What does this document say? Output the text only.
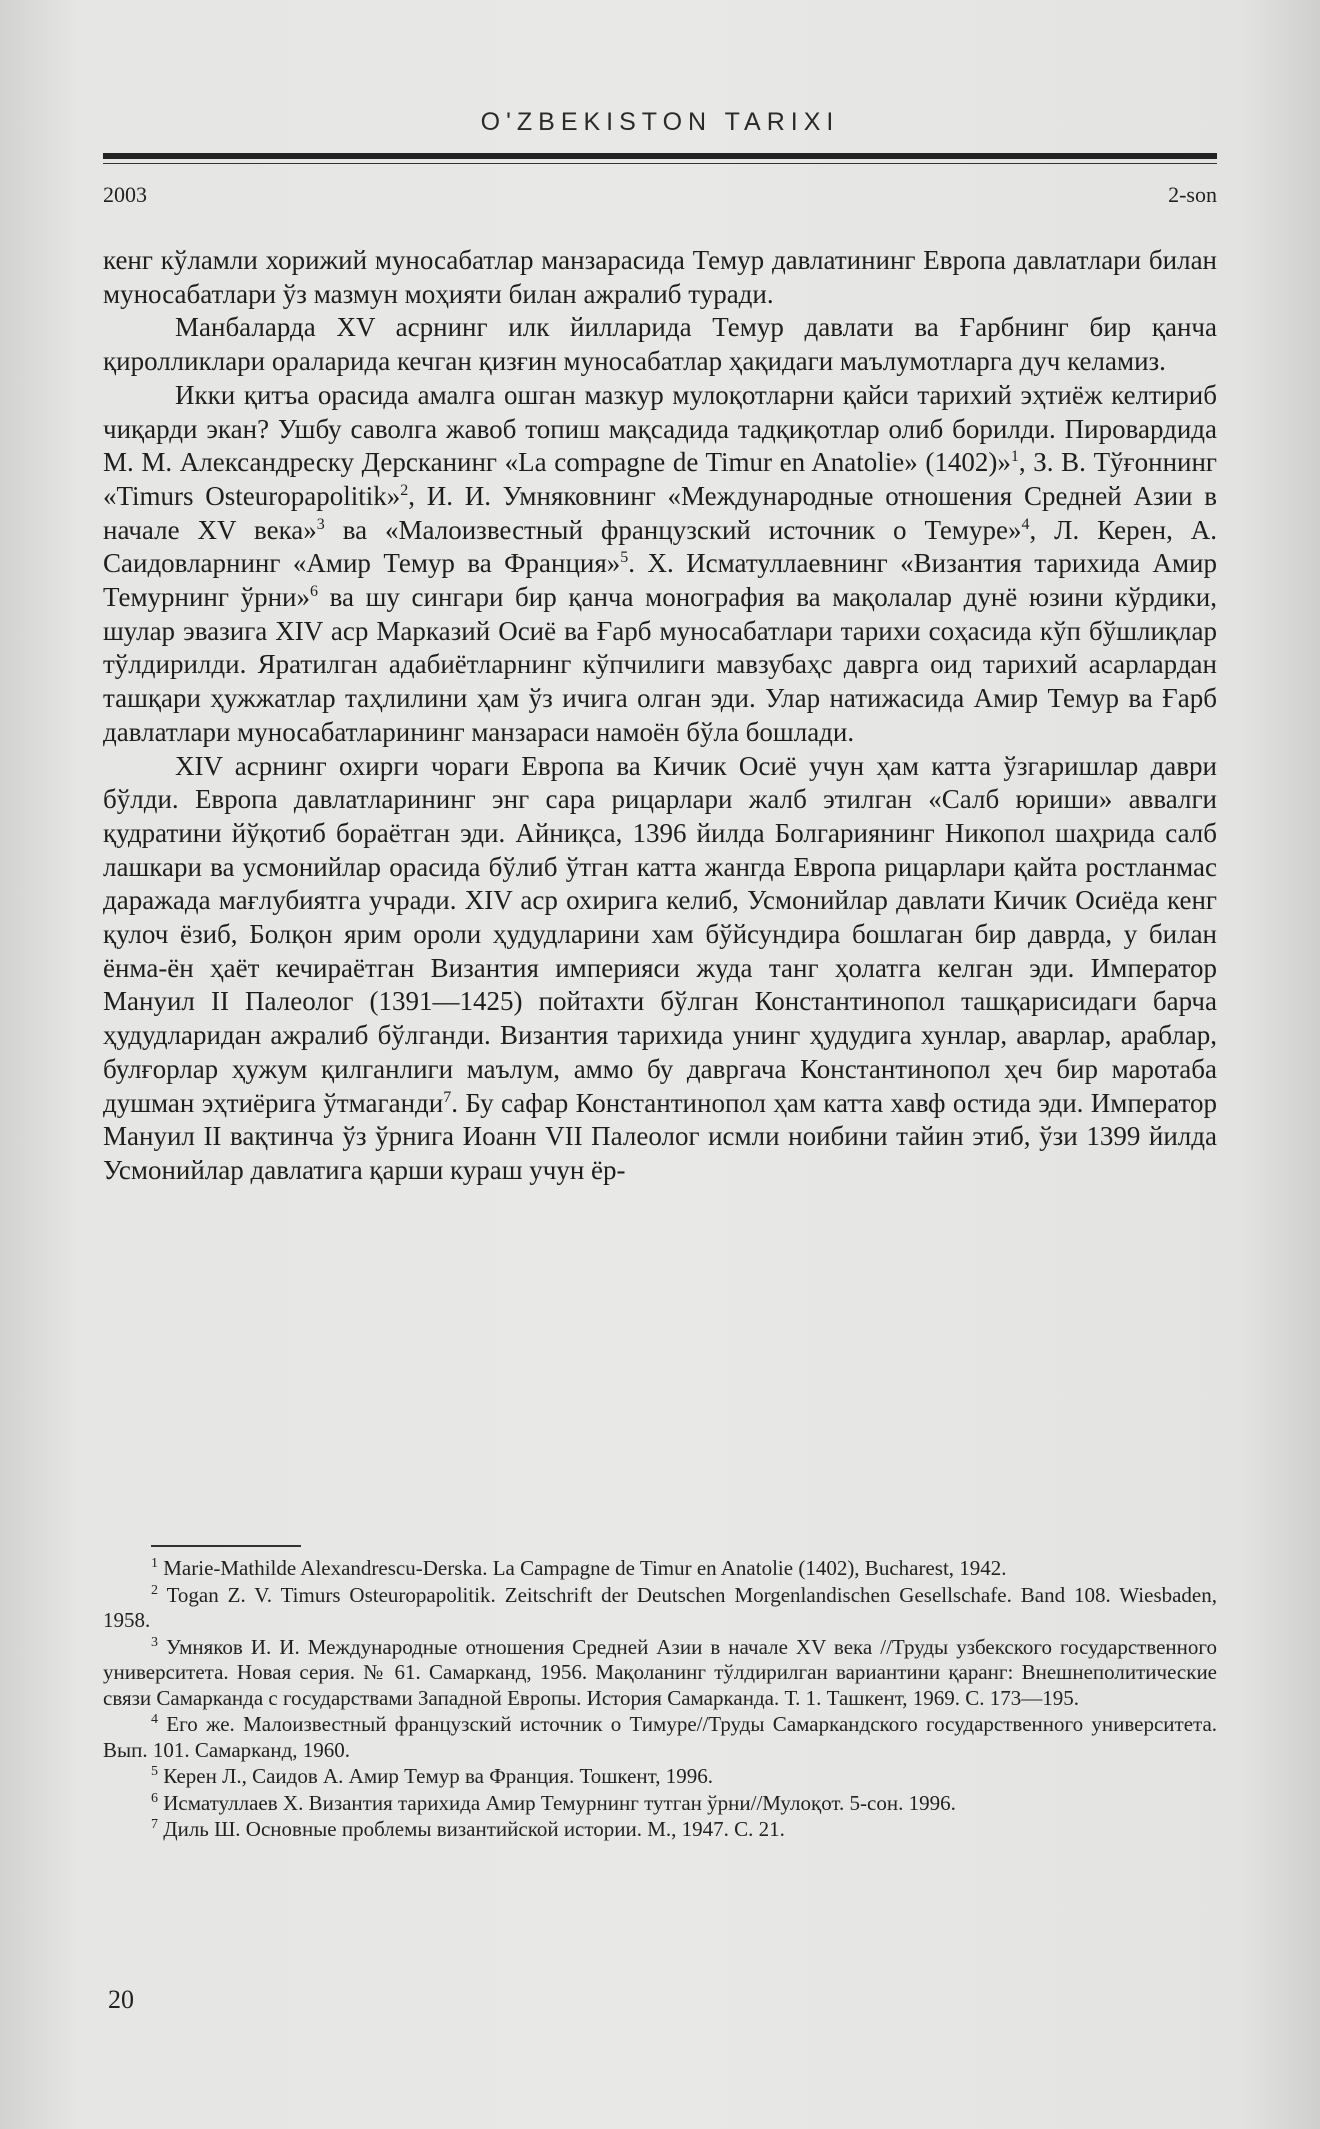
O'ZBEKISTON TARIXI
2003	2-son

кенг кўламли хорижий муносабатлар манзарасида Темур давлатининг Европа давлатлари билан муносабатлари ўз мазмун моҳияти билан ажралиб туради.

Манбаларда XV асрнинг илк йилларида Темур давлати ва Ғарбнинг бир қанча қиролликлари ораларида кечган қизғин муносабатлар ҳақидаги маълумотларга дуч келамиз.

Икки қитъа орасида амалга ошган мазкур мулоқотларни қайси тарихий эҳтиёж келтириб чиқарди экан? Ушбу саволга жавоб топиш мақсадида тадқиқотлар олиб борилди. Пировардида М. М. Александреску Дерсканинг «La compagne de Timur en Anatolie» (1402)»$^1$, З. В. Тўғоннинг «Timurs Osteuropapolitik»$^2$, И. И. Умняковнинг «Международные отношения Средней Азии в начале XV века»$^3$ ва «Малоизвестный французский источник о Темуре»$^4$, Л. Керен, А. Саидовларнинг «Амир Темур ва Франция»$^5$. Х. Исматуллаевнинг «Византия тарихида Амир Темурнинг ўрни»$^6$ ва шу сингари бир қанча монография ва мақолалар дунё юзини кўрдики, шулар эвазига XIV аср Марказий Осиё ва Ғарб муносабатлари тарихи соҳасида кўп бўшлиқлар тўлдирилди. Яратилган адабиётларнинг кўпчилиги мавзубаҳс даврга оид тарихий асарлардан ташқари ҳужжатлар таҳлилини ҳам ўз ичига олган эди. Улар натижасида Амир Темур ва Ғарб давлатлари муносабатларининг манзараси намоён бўла бошлади.

XIV асрнинг охирги чораги Европа ва Кичик Осиё учун ҳам катта ўзгаришлар даври бўлди. Европа давлатларининг энг сара рицарлари жалб этилган «Салб юриши» аввалги қудратини йўқотиб бораётган эди. Айниқса, 1396 йилда Болгариянинг Никопол шаҳрида салб лашкари ва усмонийлар орасида бўлиб ўтган катта жангда Европа рицарлари қайта ростланмас даражада мағлубиятга учради. XIV аср охирига келиб, Усмонийлар давлати Кичик Осиёда кенг қулоч ёзиб, Болқон ярим ороли ҳудудларини хам бўйсундира бошлаган бир даврда, у билан ёнма-ён ҳаёт кечираётган Византия империяси жуда танг ҳолатга келган эди. Император Мануил II Палеолог (1391—1425) пойтахти бўлган Константинопол ташқарисидаги барча ҳудудларидан ажралиб бўлганди. Византия тарихида унинг ҳудудига хунлар, аварлар, араблар, булғорлар ҳужум қилганлиги маълум, аммо бу давргача Константинопол ҳеч бир маротаба душман эҳтиёрига ўтмаганди$^7$. Бу сафар Константинопол ҳам катта хавф остида эди. Император Мануил II вақтинча ўз ўрнига Иоанн VII Палеолог исмли ноибини тайин этиб, ўзи 1399 йилда Усмонийлар давлатига қарши кураш учун ёр-

$^1$ Marie-Mathilde Alexandrescu-Derska. La Campagne de Timur en Anatolie (1402), Bucharest, 1942.

$^2$ Togan Z. V. Timurs Osteuropapolitik. Zeitschrift der Deutschen Morgenlandischen Gesellschafe. Band 108. Wiesbaden, 1958.

$^3$ Умняков И. И. Международные отношения Средней Азии в начале XV века //Труды узбекского государственного университета. Новая серия. № 61. Самарканд, 1956. Мақоланинг тўлдирилган вариантини қаранг: Внешнеполитические связи Самарканда с государствами Западной Европы. История Самарканда. Т. 1. Ташкент, 1969. С. 173—195.

$^4$ Его же. Малоизвестный французский источник о Тимуре//Труды Самаркандского государственного университета. Вып. 101. Самарканд, 1960.

$^5$ Керен Л., Саидов А. Амир Темур ва Франция. Тошкент, 1996.

$^6$ Исматуллаев Х. Византия тарихида Амир Темурнинг тутган ўрни//Мулоқот. 5-сон. 1996.

$^7$ Диль Ш. Основные проблемы византийской истории. М., 1947. С. 21.

20
